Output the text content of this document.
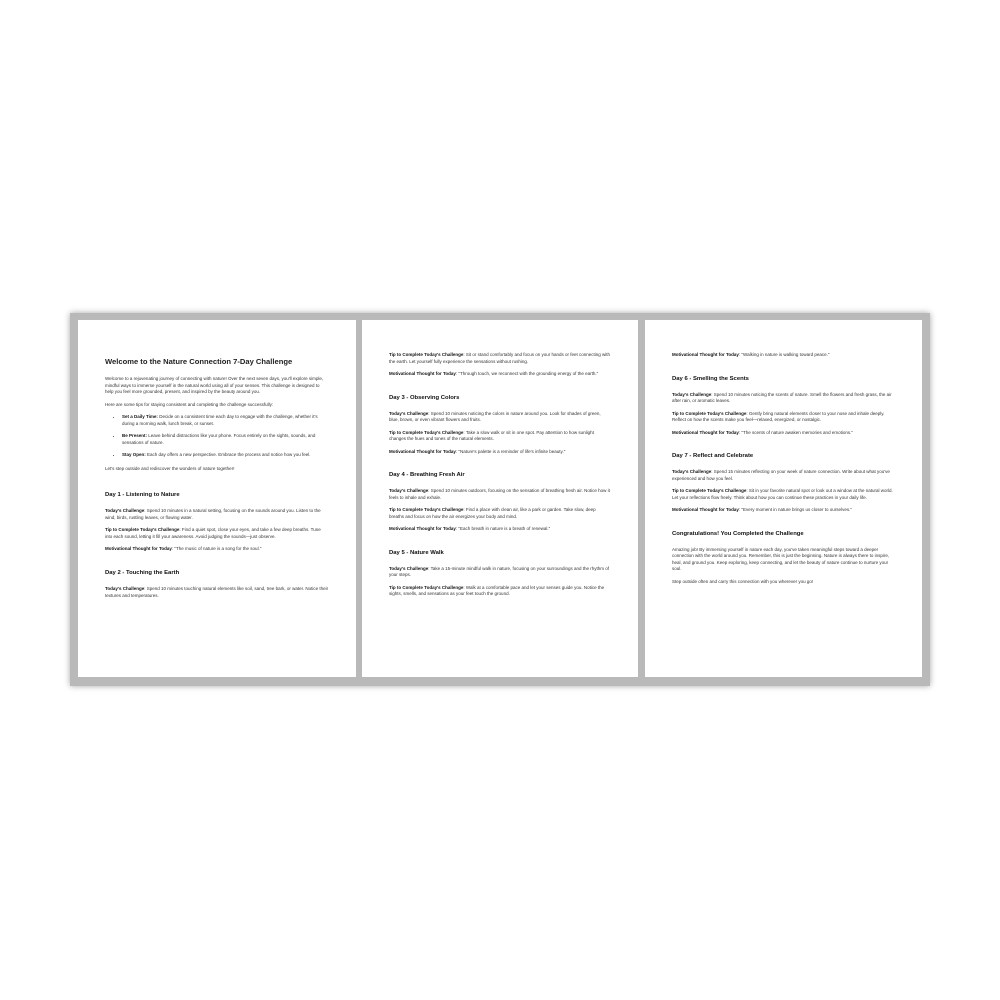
Welcome to the Nature Connection 7-Day Challenge

Welcome to a rejuvenating journey of connecting with nature! Over the next seven days, you'll explore simple, mindful ways to immerse yourself in the natural world using all of your senses. This challenge is designed to help you feel more grounded, present, and inspired by the beauty around you.

Here are some tips for staying consistent and completing the challenge successfully:

• Set a Daily Time: Decide on a consistent time each day to engage with the challenge, whether it's during a morning walk, lunch break, or sunset.
• Be Present: Leave behind distractions like your phone. Focus entirely on the sights, sounds, and sensations of nature.
• Stay Open: Each day offers a new perspective. Embrace the process and notice how you feel.

Let's step outside and rediscover the wonders of nature together!

Day 1 - Listening to Nature

Today's Challenge: Spend 10 minutes in a natural setting, focusing on the sounds around you. Listen to the wind, birds, rustling leaves, or flowing water.

Tip to Complete Today's Challenge: Find a quiet spot, close your eyes, and take a few deep breaths. Tune into each sound, letting it fill your awareness. Avoid judging the sounds—just observe.

Motivational Thought for Today: "The music of nature is a song for the soul."

Day 2 - Touching the Earth

Today's Challenge: Spend 10 minutes touching natural elements like soil, sand, tree bark, or water. Notice their textures and temperatures.

Tip to Complete Today's Challenge: Sit or stand comfortably and focus on your hands or feet connecting with the earth. Let yourself fully experience the sensations without rushing.

Motivational Thought for Today: "Through touch, we reconnect with the grounding energy of the earth."

Day 3 - Observing Colors

Today's Challenge: Spend 10 minutes noticing the colors in nature around you. Look for shades of green, blue, brown, or even vibrant flowers and fruits.

Tip to Complete Today's Challenge: Take a slow walk or sit in one spot. Pay attention to how sunlight changes the hues and tones of the natural elements.

Motivational Thought for Today: "Nature's palette is a reminder of life's infinite beauty."

Day 4 - Breathing Fresh Air

Today's Challenge: Spend 10 minutes outdoors, focusing on the sensation of breathing fresh air. Notice how it feels to inhale and exhale.

Tip to Complete Today's Challenge: Find a place with clean air, like a park or garden. Take slow, deep breaths and focus on how the air energizes your body and mind.

Motivational Thought for Today: "Each breath in nature is a breath of renewal."

Day 5 - Nature Walk

Today's Challenge: Take a 15-minute mindful walk in nature, focusing on your surroundings and the rhythm of your steps.

Tip to Complete Today's Challenge: Walk at a comfortable pace and let your senses guide you. Notice the sights, smells, and sensations as your feet touch the ground.

Motivational Thought for Today: "Walking in nature is walking toward peace."

Day 6 - Smelling the Scents

Today's Challenge: Spend 10 minutes noticing the scents of nature. Smell the flowers and fresh grass, the air after rain, or aromatic leaves.

Tip to Complete Today's Challenge: Gently bring natural elements closer to your nose and inhale deeply. Reflect on how the scents make you feel—relaxed, energized, or nostalgic.

Motivational Thought for Today: "The scents of nature awaken memories and emotions."

Day 7 - Reflect and Celebrate

Today's Challenge: Spend 15 minutes reflecting on your week of nature connection. Write about what you've experienced and how you feel.

Tip to Complete Today's Challenge: Sit in your favorite natural spot or look out a window at the natural world. Let your reflections flow freely. Think about how you can continue these practices in your daily life.

Motivational Thought for Today: "Every moment in nature brings us closer to ourselves."

Congratulations! You Completed the Challenge

Amazing job! By immersing yourself in nature each day, you've taken meaningful steps toward a deeper connection with the world around you. Remember, this is just the beginning. Nature is always there to inspire, heal, and ground you. Keep exploring, keep connecting, and let the beauty of nature continue to nurture your soul.

Step outside often and carry this connection with you wherever you go!
